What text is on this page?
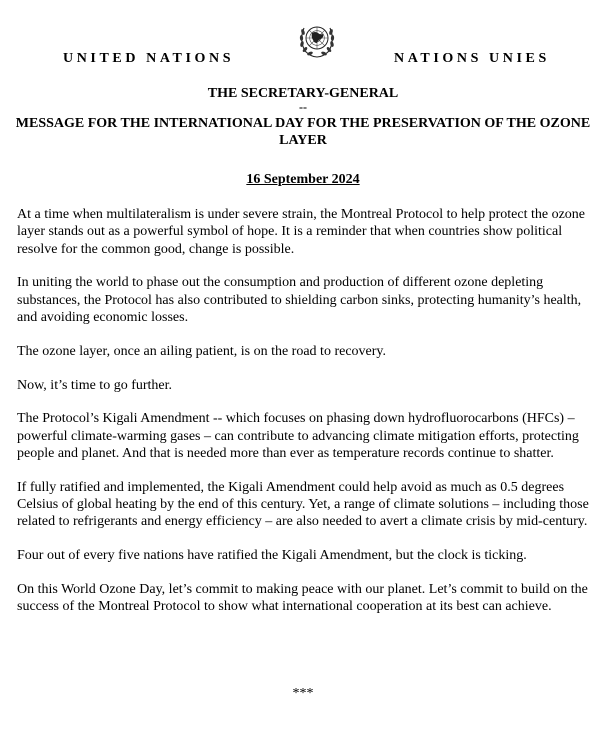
UNITED NATIONS	NATIONS UNIES
THE SECRETARY-GENERAL
--
MESSAGE FOR THE INTERNATIONAL DAY FOR THE PRESERVATION OF THE OZONE LAYER
16 September 2024

At a time when multilateralism is under severe strain, the Montreal Protocol to help protect the ozone layer stands out as a powerful symbol of hope. It is a reminder that when countries show political resolve for the common good, change is possible.

In uniting the world to phase out the consumption and production of different ozone depleting substances, the Protocol has also contributed to shielding carbon sinks, protecting humanity’s health, and avoiding economic losses.

The ozone layer, once an ailing patient, is on the road to recovery.

Now, it’s time to go further.

The Protocol’s Kigali Amendment -- which focuses on phasing down hydrofluorocarbons (HFCs) – powerful climate-warming gases – can contribute to advancing climate mitigation efforts, protecting people and planet. And that is needed more than ever as temperature records continue to shatter.

If fully ratified and implemented, the Kigali Amendment could help avoid as much as 0.5 degrees Celsius of global heating by the end of this century. Yet, a range of climate solutions – including those related to refrigerants and energy efficiency – are also needed to avert a climate crisis by mid-century.

Four out of every five nations have ratified the Kigali Amendment, but the clock is ticking.

On this World Ozone Day, let’s commit to making peace with our planet. Let’s commit to build on the success of the Montreal Protocol to show what international cooperation at its best can achieve.

***
